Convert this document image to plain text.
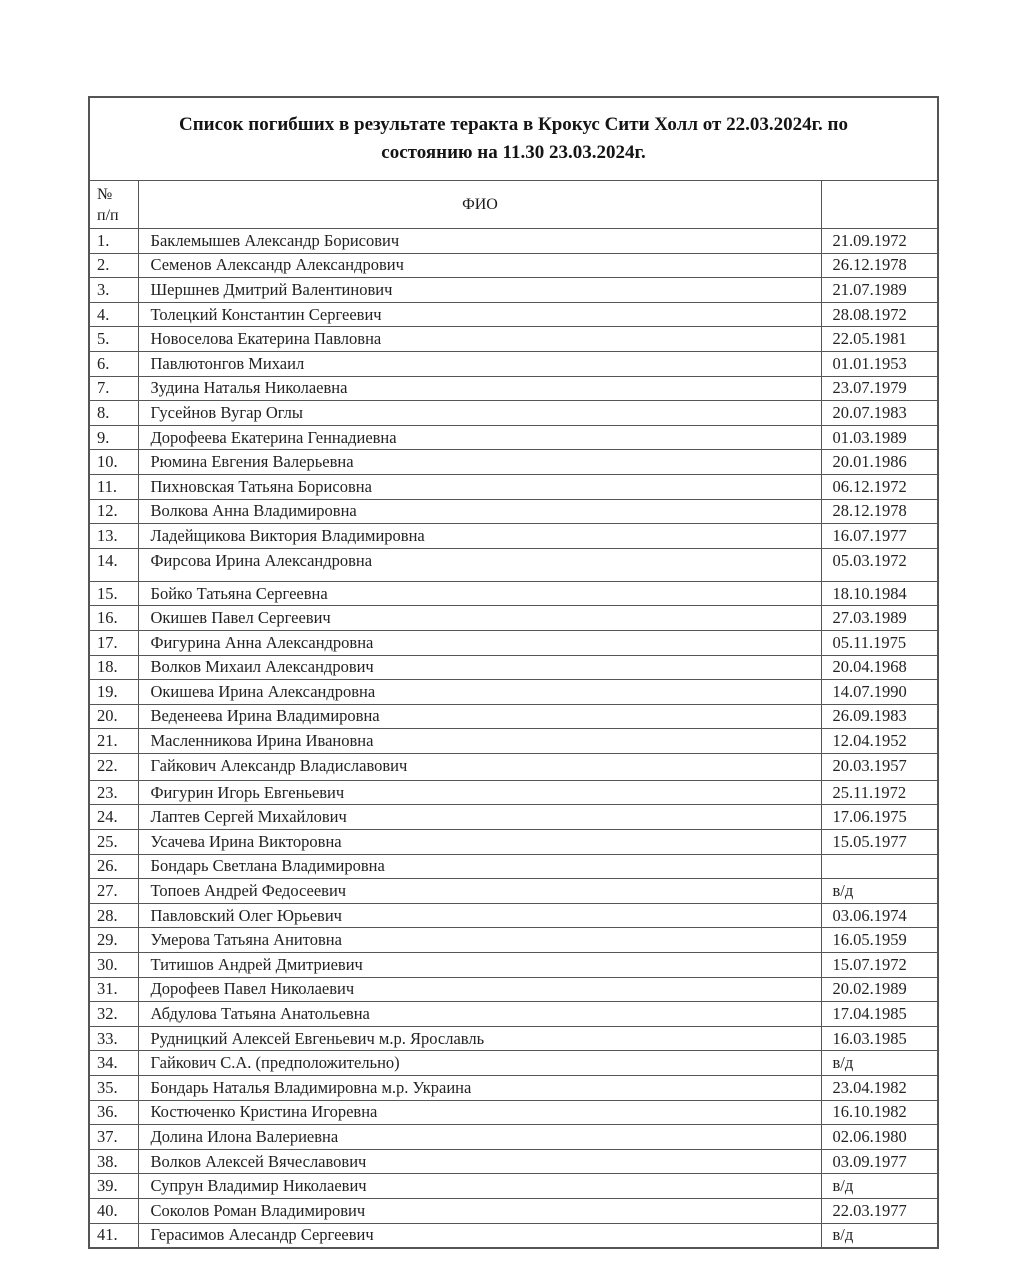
Список погибших в результате теракта в Крокус Сити Холл от 22.03.2024г. по
состоянию на 11.30 23.03.2024г.		
№
п/п	ФИО	
1.	Баклемышев Александр Борисович	21.09.1972
2.	Семенов Александр Александрович	26.12.1978
3.	Шершнев Дмитрий Валентинович	21.07.1989
4.	Толецкий Константин Сергеевич	28.08.1972
5.	Новоселова Екатерина Павловна	22.05.1981
6.	Павлютонгов Михаил	01.01.1953
7.	Зудина Наталья Николаевна	23.07.1979
8.	Гусейнов Вугар Оглы	20.07.1983
9.	Дорофеева Екатерина Геннадиевна	01.03.1989
10.	Рюмина Евгения Валерьевна	20.01.1986
11.	Пихновская Татьяна Борисовна	06.12.1972
12.	Волкова Анна Владимировна	28.12.1978
13.	Ладейщикова Виктория Владимировна	16.07.1977
14.	Фирсова Ирина Александровна	05.03.1972
15.	Бойко Татьяна Сергеевна	18.10.1984
16.	Окишев Павел Сергеевич	27.03.1989
17.	Фигурина Анна Александровна	05.11.1975
18.	Волков Михаил Александрович	20.04.1968
19.	Окишева Ирина Александровна	14.07.1990
20.	Веденеева Ирина Владимировна	26.09.1983
21.	Масленникова Ирина Ивановна	12.04.1952
22.	Гайкович Александр Владиславович	20.03.1957
23.	Фигурин Игорь Евгеньевич	25.11.1972
24.	Лаптев Сергей Михайлович	17.06.1975
25.	Усачева Ирина Викторовна	15.05.1977
26.	Бондарь Светлана Владимировна	
27.	Топоев Андрей Федосеевич	в/д
28.	Павловский Олег Юрьевич	03.06.1974
29.	Умерова Татьяна Анитовна	16.05.1959
30.	Титишов Андрей Дмитриевич	15.07.1972
31.	Дорофеев Павел Николаевич	20.02.1989
32.	Абдулова Татьяна Анатольевна	17.04.1985
33.	Рудницкий Алексей Евгеньевич м.р. Ярославль	16.03.1985
34.	Гайкович С.А. (предположительно)	в/д
35.	Бондарь Наталья Владимировна м.р. Украина	23.04.1982
36.	Костюченко Кристина Игоревна	16.10.1982
37.	Долина Илона Валериевна	02.06.1980
38.	Волков Алексей Вячеславович	03.09.1977
39.	Супрун Владимир Николаевич	в/д
40.	Соколов Роман Владимирович	22.03.1977
41.	Герасимов Алесандр Сергеевич	в/д
